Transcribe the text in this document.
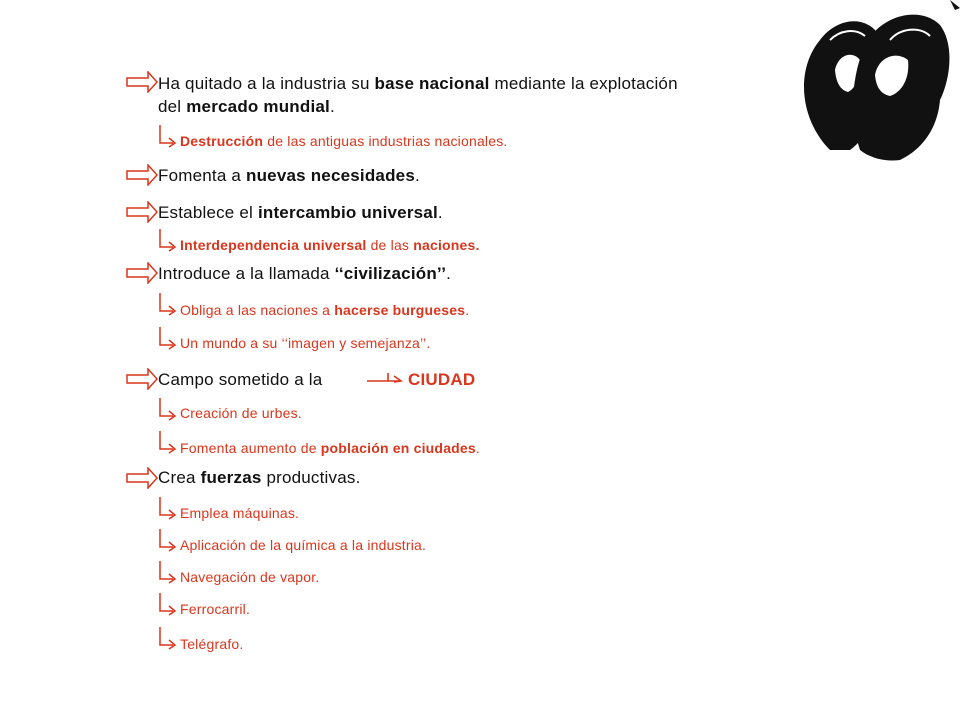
Ha quitado a la industria su base nacional mediante la explotación
del mercado mundial.
Destrucción de las antiguas industrias nacionales.
Fomenta a nuevas necesidades.
Establece el intercambio universal.
Interdependencia universal de las naciones.
Introduce a la llamada ‘‘civilización’’.
Obliga a las naciones a hacerse burgueses.
Un mundo a su ‘‘imagen y semejanza’’.
Campo sometido a la	CIUDAD
Creación de urbes.
Fomenta aumento de población en ciudades.
Crea fuerzas productivas.
Emplea máquinas.
Aplicación de la química a la industria.
Navegación de vapor.
Ferrocarril.
Telégrafo.
